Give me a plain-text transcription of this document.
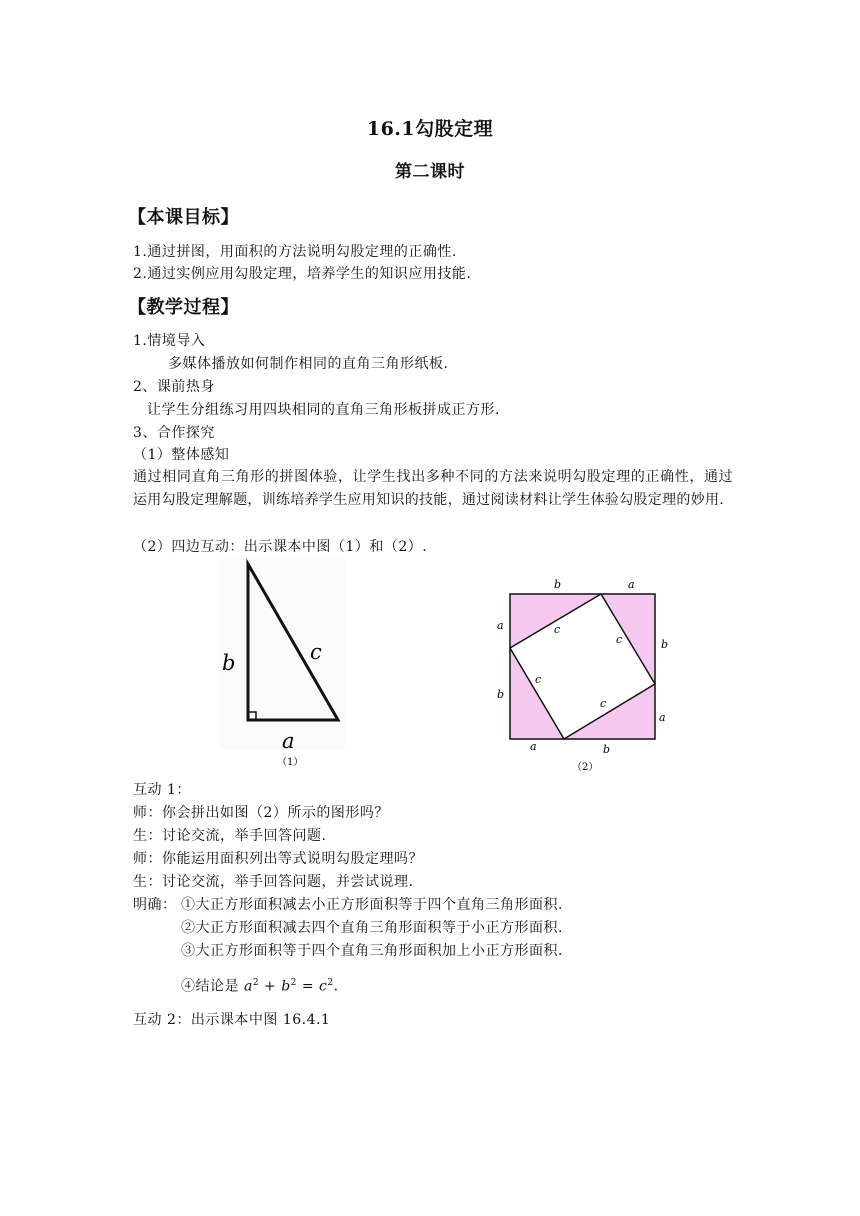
16.1勾股定理
第二课时
【本课目标】
1.通过拼图，用面积的方法说明勾股定理的正确性.
2.通过实例应用勾股定理，培养学生的知识应用技能.
【教学过程】
1.情境导入
多媒体播放如何制作相同的直角三角形纸板.
2、课前热身
让学生分组练习用四块相同的直角三角形板拼成正方形.
3、合作探究
（1）整体感知
通过相同直角三角形的拼图体验，让学生找出多种不同的方法来说明勾股定理的正确性，通过运用勾股定理解题，训练培养学生应用知识的技能，通过阅读材料让学生体验勾股定理的妙用.
（2）四边互动：出示课本中图（1）和（2）.
b	c
a
（1）
b	a
a
b
b
a
a	b
c
c
c
c
（2）
互动 1：
师：你会拼出如图（2）所示的图形吗？
生：讨论交流，举手回答问题.
师：你能运用面积列出等式说明勾股定理吗？
生：讨论交流，举手回答问题，并尝试说理.
明确： ①大正方形面积减去小正方形面积等于四个直角三角形面积.
②大正方形面积减去四个直角三角形面积等于小正方形面积.
③大正方形面积等于四个直角三角形面积加上小正方形面积.
④结论是 $a^2 + b^2 = c^2$.
互动 2：出示课本中图 16.4.1
